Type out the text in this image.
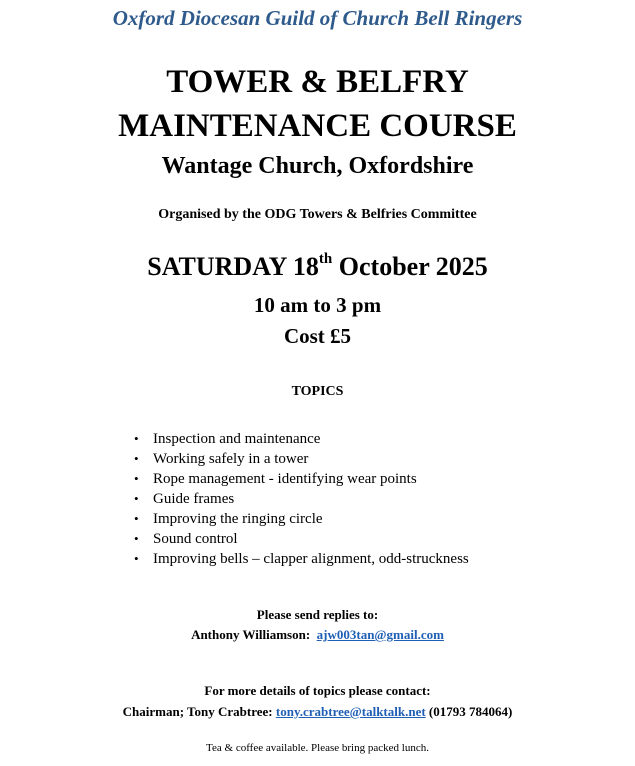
Oxford Diocesan Guild of Church Bell Ringers
TOWER & BELFRY
MAINTENANCE COURSE
Wantage Church, Oxfordshire
Organised by the ODG Towers & Belfries Committee
SATURDAY 18th October 2025
10 am to 3 pm
Cost £5
TOPICS
• Inspection and maintenance
• Working safely in a tower
• Rope management - identifying wear points
• Guide frames
• Improving the ringing circle
• Sound control
• Improving bells – clapper alignment, odd-struckness
Please send replies to:
Anthony Williamson: ajw003tan@gmail.com
For more details of topics please contact:
Chairman; Tony Crabtree: tony.crabtree@talktalk.net (01793 784064)
Tea & coffee available. Please bring packed lunch.
